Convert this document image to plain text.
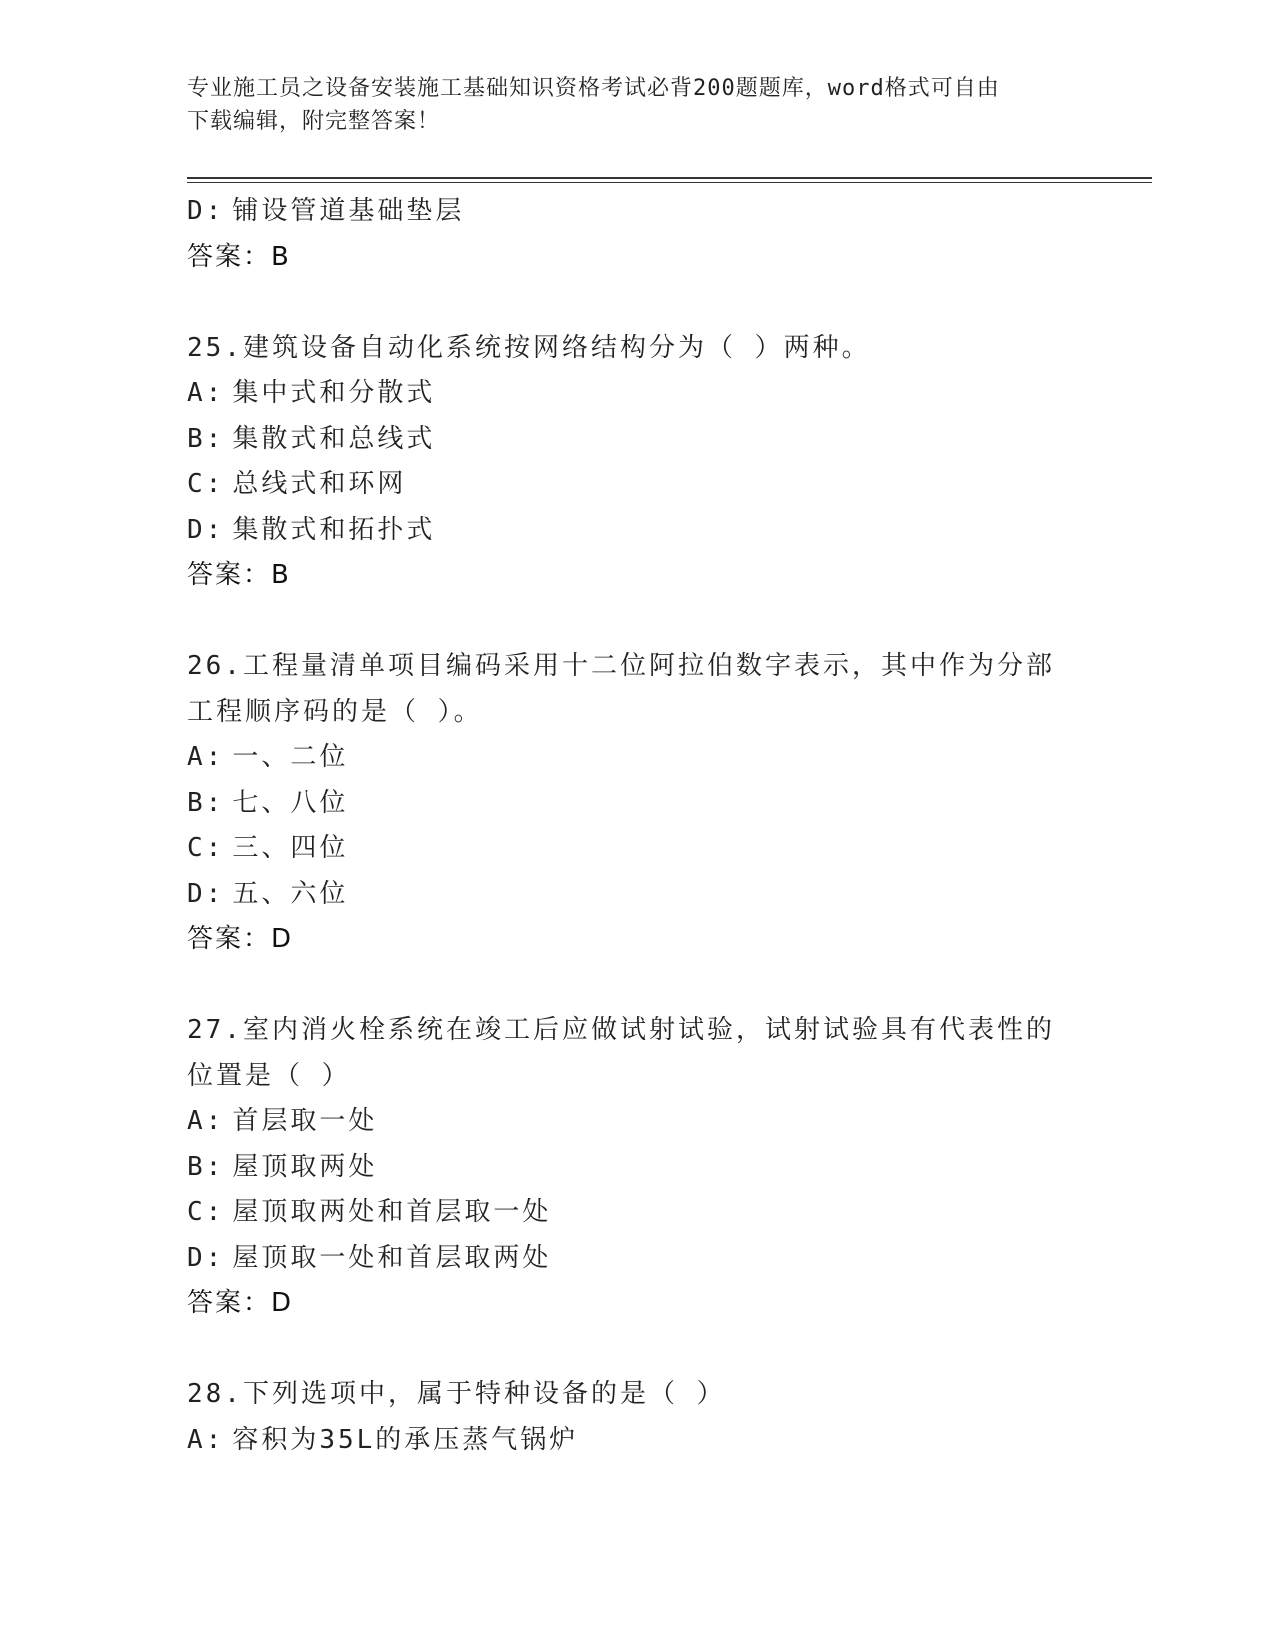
专业施工员之设备安装施工基础知识资格考试必背200题题库，word格式可自由
下载编辑，附完整答案！
D: 铺设管道基础垫层
答案：B
25.建筑设备自动化系统按网络结构分为（ ）两种。
A: 集中式和分散式
B: 集散式和总线式
C: 总线式和环网
D: 集散式和拓扑式
答案：B
26.工程量清单项目编码采用十二位阿拉伯数字表示，其中作为分部工程顺序码的是（ ）。
A: 一、二位
B: 七、八位
C: 三、四位
D: 五、六位
答案：D
27.室内消火栓系统在竣工后应做试射试验，试射试验具有代表性的位置是（ ）
A: 首层取一处
B: 屋顶取两处
C: 屋顶取两处和首层取一处
D: 屋顶取一处和首层取两处
答案：D
28.下列选项中，属于特种设备的是（ ）
A: 容积为35L的承压蒸气锅炉
